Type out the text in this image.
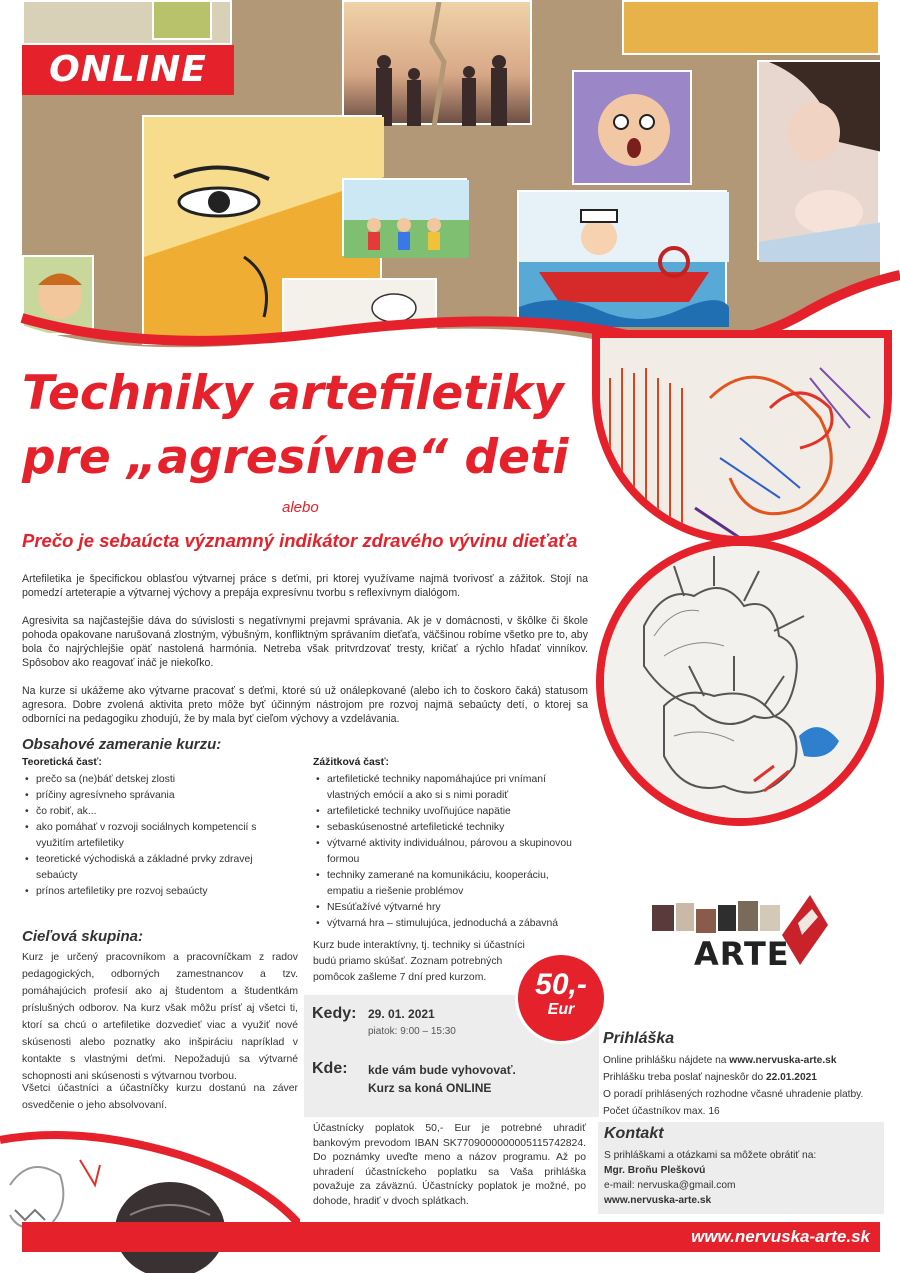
ONLINE
Techniky artefiletiky
pre „agresívne“ deti
alebo
Prečo je sebaúcta významný indikátor zdravého vývinu dieťaťa
Artefiletika je špecifickou oblasťou výtvarnej práce s deťmi, pri ktorej využívame najmä tvorivosť a zážitok. Stojí na pomedzí arteterapie a výtvarnej výchovy a prepája expresívnu tvorbu s reflexívnym dialógom.
Agresivita sa najčastejšie dáva do súvislosti s negatívnymi prejavmi správania. Ak je v domácnosti, v škôlke či škole pohoda opakovane narušovaná zlostným, výbušným, konfliktným správaním dieťaťa, väčšinou robíme všetko pre to, aby bola čo najrýchlejšie opäť nastolená harmónia. Netreba však pritvrdzovať tresty, kričať a rýchlo hľadať vinníkov. Spôsobov ako reagovať ináč je niekoľko.
Na kurze si ukážeme ako výtvarne pracovať s deťmi, ktoré sú už onálepkované (alebo ich to čoskoro čaká) statusom agresora. Dobre zvolená aktivita preto môže byť účinným nástrojom pre rozvoj najmä sebaúcty detí, o ktorej sa odborníci na pedagogiku zhodujú, že by mala byť cieľom výchovy a vzdelávania.
Obsahové zameranie kurzu:
Teoretická časť:
• prečo sa (ne)báť detskej zlosti
• príčiny agresívneho správania
• čo robiť, ak...
• ako pomáhať v rozvoji sociálnych kompetencií s využitím artefiletiky
• teoretické východiská a základné prvky zdravej sebaúcty
• prínos artefiletiky pre rozvoj sebaúcty
Zážitková časť:
• artefiletické techniky napomáhajúce pri vnímaní vlastných emócií a ako si s nimi poradiť
• artefiletické techniky uvoľňujúce napätie
• sebaskúsenostné artefiletické techniky
• výtvarné aktivity individuálnou, párovou a skupinovou formou
• techniky zamerané na komunikáciu, kooperáciu, empatiu a riešenie problémov
• NEsúťažívé výtvarné hry
• výtvarná hra – stimulujúca, jednoduchá a zábavná
Kurz bude interaktívny, tj. techniky si účastníci budú priamo skúšať. Zoznam potrebných pomôcok zašleme 7 dní pred kurzom.
Cieľová skupina:
Kurz je určený pracovníkom a pracovníčkam z radov pedagogických, odborných zamestnancov a tzv. pomáhajúcich profesií ako aj študentom a študentkám príslušných odborov. Na kurz však môžu prísť aj všetci ti, ktorí sa chcú o artefiletike dozvedieť viac a využiť nové skúsenosti alebo poznatky ako inšpiráciu napríklad v kontakte s vlastnými deťmi. Nepožadujú sa výtvarné schopnosti ani skúsenosti s výtvarnou tvorbou.
Všetci účastníci a účastníčky kurzu dostanú na záver osvedčenie o jeho absolvovaní.
Kedy: 29. 01. 2021
piatok: 9:00 – 15:30
Kde: kde vám bude vyhovovať.
Kurz sa koná ONLINE
50,-
Eur
Účastnícky poplatok 50,- Eur je potrebné uhradiť bankovým prevodom IBAN SK7709000000005115742824. Do poznámky uveďte meno a názov programu. Až po uhradení účastníckeho poplatku sa Vaša prihláška považuje za záväznú. Účastnícky poplatok je možné, po dohode, hradiť v dvoch splátkach.
ARTE
Prihláška
Online prihlášku nájdete na www.nervuska-arte.sk
Prihlášku treba poslať najneskôr do 22.01.2021
O poradí prihlásených rozhodne včasné uhradenie platby.
Počet účastníkov max. 16
Kontakt
S prihláškami a otázkami sa môžete obrátiť na:
Mgr. Broňu Pleškovú
e-mail: nervuska@gmail.com
www.nervuska-arte.sk
www.nervuska-arte.sk
